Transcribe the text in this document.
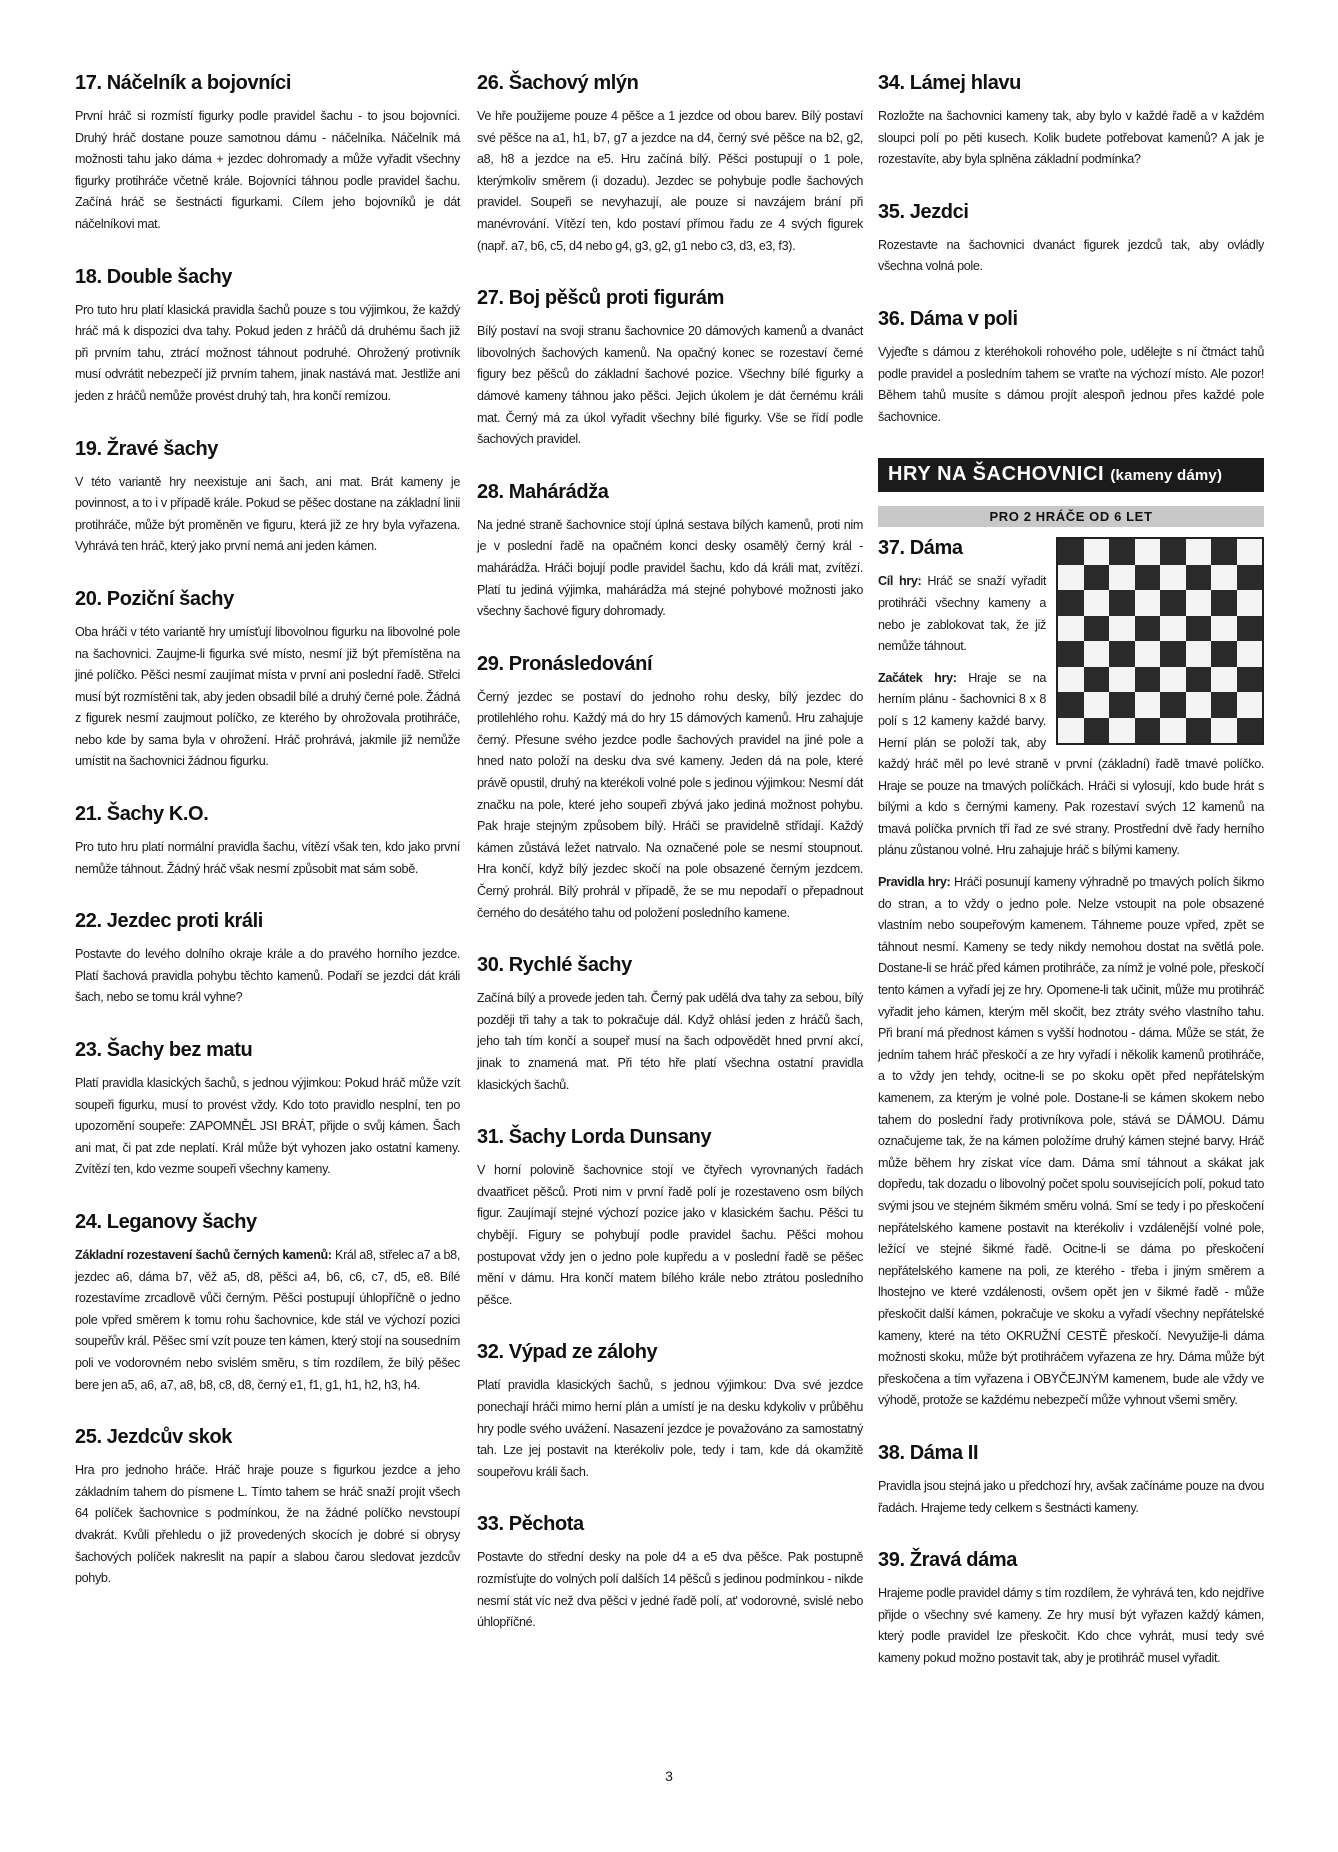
17. Náčelník a bojovníci

První hráč si rozmístí figurky podle pravidel šachu - to jsou bojovníci. Druhý hráč dostane pouze samotnou dámu - náčelníka. Náčelník má možnosti tahu jako dáma + jezdec dohromady a může vyřadit všechny figurky protihráče včetně krále. Bojovníci táhnou podle pravidel šachu. Začíná hráč se šestnácti figurkami. Cílem jeho bojovníků je dát náčelníkovi mat.

18. Double šachy

Pro tuto hru platí klasická pravidla šachů pouze s tou výjimkou, že každý hráč má k dispozici dva tahy. Pokud jeden z hráčů dá druhému šach již při prvním tahu, ztrácí možnost táhnout podruhé. Ohrožený protivník musí odvrátit nebezpečí již prvním tahem, jinak nastává mat. Jestliže ani jeden z hráčů nemůže provést druhý tah, hra končí remízou.

19. Žravé šachy

V této variantě hry neexistuje ani šach, ani mat. Brát kameny je povinnost, a to i v případě krále. Pokud se pěšec dostane na základní linii protihráče, může být proměněn ve figuru, která již ze hry byla vyřazena. Vyhrává ten hráč, který jako první nemá ani jeden kámen.

20. Poziční šachy

Oba hráči v této variantě hry umísťují libovolnou figurku na libovolné pole na šachovnici. Zaujme-li figurka své místo, nesmí již být přemístěna na jiné políčko. Pěšci nesmí zaujímat místa v první ani poslední řadě. Střelci musí být rozmístěni tak, aby jeden obsadil bílé a druhý černé pole. Žádná z figurek nesmí zaujmout políčko, ze kterého by ohrožovala protihráče, nebo kde by sama byla v ohrožení. Hráč prohrává, jakmile již nemůže umístit na šachovnici žádnou figurku.

21. Šachy K.O.

Pro tuto hru platí normální pravidla šachu, vítězí však ten, kdo jako první nemůže táhnout. Žádný hráč však nesmí způsobit mat sám sobě.

22. Jezdec proti králi

Postavte do levého dolního okraje krále a do pravého horního jezdce. Platí šachová pravidla pohybu těchto kamenů. Podaří se jezdci dát králi šach, nebo se tomu král vyhne?

23. Šachy bez matu

Platí pravidla klasických šachů, s jednou výjimkou: Pokud hráč může vzít soupeři figurku, musí to provést vždy. Kdo toto pravidlo nesplní, ten po upozornění soupeře: ZAPOMNĚL JSI BRÁT, přijde o svůj kámen. Šach ani mat, či pat zde neplatí. Král může být vyhozen jako ostatní kameny. Zvítězí ten, kdo vezme soupeři všechny kameny.

24. Leganovy šachy

Základní rozestavení šachů černých kamenů: Král a8, střelec a7 a b8, jezdec a6, dáma b7, věž a5, d8, pěšci a4, b6, c6, c7, d5, e8. Bílé rozestavíme zrcadlově vůči černým. Pěšci postupují úhlopříčně o jedno pole vpřed směrem k tomu rohu šachovnice, kde stál ve výchozí pozici soupeřův král. Pěšec smí vzít pouze ten kámen, který stojí na sousedním poli ve vodorovném nebo svislém směru, s tím rozdílem, že bílý pěšec bere jen a5, a6, a7, a8, b8, c8, d8, černý e1, f1, g1, h1, h2, h3, h4.

25. Jezdcův skok

Hra pro jednoho hráče. Hráč hraje pouze s figurkou jezdce a jeho základním tahem do písmene L. Tímto tahem se hráč snaží projít všech 64 políček šachovnice s podmínkou, že na žádné políčko nevstoupí dvakrát. Kvůli přehledu o již provedených skocích je dobré si obrysy šachových políček nakreslit na papír a slabou čarou sledovat jezdcův pohyb.

26. Šachový mlýn

Ve hře použijeme pouze 4 pěšce a 1 jezdce od obou barev. Bílý postaví své pěšce na a1, h1, b7, g7 a jezdce na d4, černý své pěšce na b2, g2, a8, h8 a jezdce na e5. Hru začíná bílý. Pěšci postupují o 1 pole, kterýmkoliv směrem (i dozadu). Jezdec se pohybuje podle šachových pravidel. Soupeři se nevyhazují, ale pouze si navzájem brání při manévrování. Vítězí ten, kdo postaví přímou řadu ze 4 svých figurek (např. a7, b6, c5, d4 nebo g4, g3, g2, g1 nebo c3, d3, e3, f3).

27. Boj pěšců proti figurám

Bílý postaví na svoji stranu šachovnice 20 dámových kamenů a dvanáct libovolných šachových kamenů. Na opačný konec se rozestaví černé figury bez pěšců do základní šachové pozice. Všechny bílé figurky a dámové kameny táhnou jako pěšci. Jejich úkolem je dát černému králi mat. Černý má za úkol vyřadit všechny bílé figurky. Vše se řídí podle šachových pravidel.

28. Mahárádža

Na jedné straně šachovnice stojí úplná sestava bílých kamenů, proti nim je v poslední řadě na opačném konci desky osamělý černý král - mahárádža. Hráči bojují podle pravidel šachu, kdo dá králi mat, zvítězí. Platí tu jediná výjimka, mahárádža má stejné pohybové možnosti jako všechny šachové figury dohromady.

29. Pronásledování

Černý jezdec se postaví do jednoho rohu desky, bílý jezdec do protilehlého rohu. Každý má do hry 15 dámových kamenů. Hru zahajuje černý. Přesune svého jezdce podle šachových pravidel na jiné pole a hned nato položí na desku dva své kameny. Jeden dá na pole, které právě opustil, druhý na kterékoli volné pole s jedinou výjimkou: Nesmí dát značku na pole, které jeho soupeři zbývá jako jediná možnost pohybu. Pak hraje stejným způsobem bílý. Hráči se pravidelně střídají. Každý kámen zůstává ležet natrvalo. Na označené pole se nesmí stoupnout. Hra končí, když bílý jezdec skočí na pole obsazené černým jezdcem. Černý prohrál. Bílý prohrál v případě, že se mu nepodaří o přepadnout černého do desátého tahu od položení posledního kamene.

30. Rychlé šachy

Začíná bílý a provede jeden tah. Černý pak udělá dva tahy za sebou, bílý později tři tahy a tak to pokračuje dál. Když ohlásí jeden z hráčů šach, jeho tah tím končí a soupeř musí na šach odpovědět hned první akcí, jinak to znamená mat. Při této hře platí všechna ostatní pravidla klasických šachů.

31. Šachy Lorda Dunsany

V horní polovině šachovnice stojí ve čtyřech vyrovnaných řadách dvaatřicet pěšců. Proti nim v první řadě polí je rozestaveno osm bílých figur. Zaujímají stejné výchozí pozice jako v klasickém šachu. Pěšci tu chybějí. Figury se pohybují podle pravidel šachu. Pěšci mohou postupovat vždy jen o jedno pole kupředu a v poslední řadě se pěšec mění v dámu. Hra končí matem bílého krále nebo ztrátou posledního pěšce.

32. Výpad ze zálohy

Platí pravidla klasických šachů, s jednou výjimkou: Dva své jezdce ponechají hráči mimo herní plán a umístí je na desku kdykoliv v průběhu hry podle svého uvážení. Nasazení jezdce je považováno za samostatný tah. Lze jej postavit na kterékoliv pole, tedy i tam, kde dá okamžitě soupeřovu králi šach.

33. Pěchota

Postavte do střední desky na pole d4 a e5 dva pěšce. Pak postupně rozmísťujte do volných polí dalších 14 pěšců s jedinou podmínkou - nikde nesmí stát víc než dva pěšci v jedné řadě polí, at' vodorovné, svislé nebo úhlopříčné.

34. Lámej hlavu

Rozložte na šachovnici kameny tak, aby bylo v každé řadě a v každém sloupci polí po pěti kusech. Kolik budete potřebovat kamenů? A jak je rozestavíte, aby byla splněna základní podmínka?

35. Jezdci

Rozestavte na šachovnici dvanáct figurek jezdců tak, aby ovládly všechna volná pole.

36. Dáma v poli

Vyjeďte s dámou z kteréhokoli rohového pole, udělejte s ní čtmáct tahů podle pravidel a posledním tahem se vraťte na výchozí místo. Ale pozor! Během tahů musíte s dámou projít alespoň jednou přes každé pole šachovnice.

HRY NA ŠACHOVNICI (kameny dámy)
PRO 2 HRÁČE OD 6 LET
37. Dáma

Cíl hry: Hráč se snaží vyřadit protihráči všechny kameny a nebo je zablokovat tak, že již nemůže táhnout.

Začátek hry: Hraje se na herním plánu - šachovnici 8 x 8 polí s 12 kameny každé barvy. Herní plán se položí tak, aby každý hráč měl po levé straně v první (základní) řadě tmavé políčko. Hraje se pouze na tmavých políčkách. Hráči si vylosují, kdo bude hrát s bílými a kdo s černými kameny. Pak rozestaví svých 12 kamenů na tmavá políčka prvních tří řad ze své strany. Prostřední dvě řady herního plánu zůstanou volné. Hru zahajuje hráč s bílými kameny.

Pravidla hry: Hráči posunují kameny výhradně po tmavých polích šikmo do stran, a to vždy o jedno pole. Nelze vstoupit na pole obsazené vlastním nebo soupeřovým kamenem. Táhneme pouze vpřed, zpět se táhnout nesmí. Kameny se tedy nikdy nemohou dostat na světlá pole. Dostane-li se hráč před kámen protihráče, za nímž je volné pole, přeskočí tento kámen a vyřadí jej ze hry. Opomene-li tak učinit, může mu protihráč vyřadit jeho kámen, kterým měl skočit, bez ztráty svého vlastního tahu. Při braní má přednost kámen s vyšší hodnotou - dáma. Může se stát, že jedním tahem hráč přeskočí a ze hry vyřadí i několik kamenů protihráče, a to vždy jen tehdy, ocitne-li se po skoku opět před nepřátelským kamenem, za kterým je volné pole. Dostane-li se kámen skokem nebo tahem do poslední řady protivníkova pole, stává se DÁMOU. Dámu označujeme tak, že na kámen položíme druhý kámen stejné barvy. Hráč může během hry získat více dam. Dáma smí táhnout a skákat jak dopředu, tak dozadu o libovolný počet spolu souvisejících polí, pokud tato svými jsou ve stejném šikmém směru volná. Smí se tedy i po přeskočení nepřátelského kamene postavit na kterékoliv i vzdálenější volné pole, ležící ve stejné šikmé řadě. Ocitne-li se dáma po přeskočení nepřátelského kamene na poli, ze kterého - třeba i jiným směrem a lhostejno ve které vzdálenosti, ovšem opět jen v šikmé řadě - může přeskočit další kámen, pokračuje ve skoku a vyřadí všechny nepřátelské kameny, které na této OKRUŽNÍ CESTĚ přeskočí. Nevyužije-li dáma možnosti skoku, může být protihráčem vyřazena ze hry. Dáma může být přeskočena a tím vyřazena i OBYČEJNÝM kamenem, bude ale vždy ve výhodě, protože se každému nebezpečí může vyhnout všemi směry.

38. Dáma II

Pravidla jsou stejná jako u předchozí hry, avšak začínáme pouze na dvou řadách. Hrajeme tedy celkem s šestnácti kameny.

39. Žravá dáma

Hrajeme podle pravidel dámy s tím rozdílem, že vyhrává ten, kdo nejdříve přijde o všechny své kameny. Ze hry musí být vyřazen každý kámen, který podle pravidel lze přeskočit. Kdo chce vyhrát, musí tedy své kameny pokud možno postavit tak, aby je protihráč musel vyřadit.

3
